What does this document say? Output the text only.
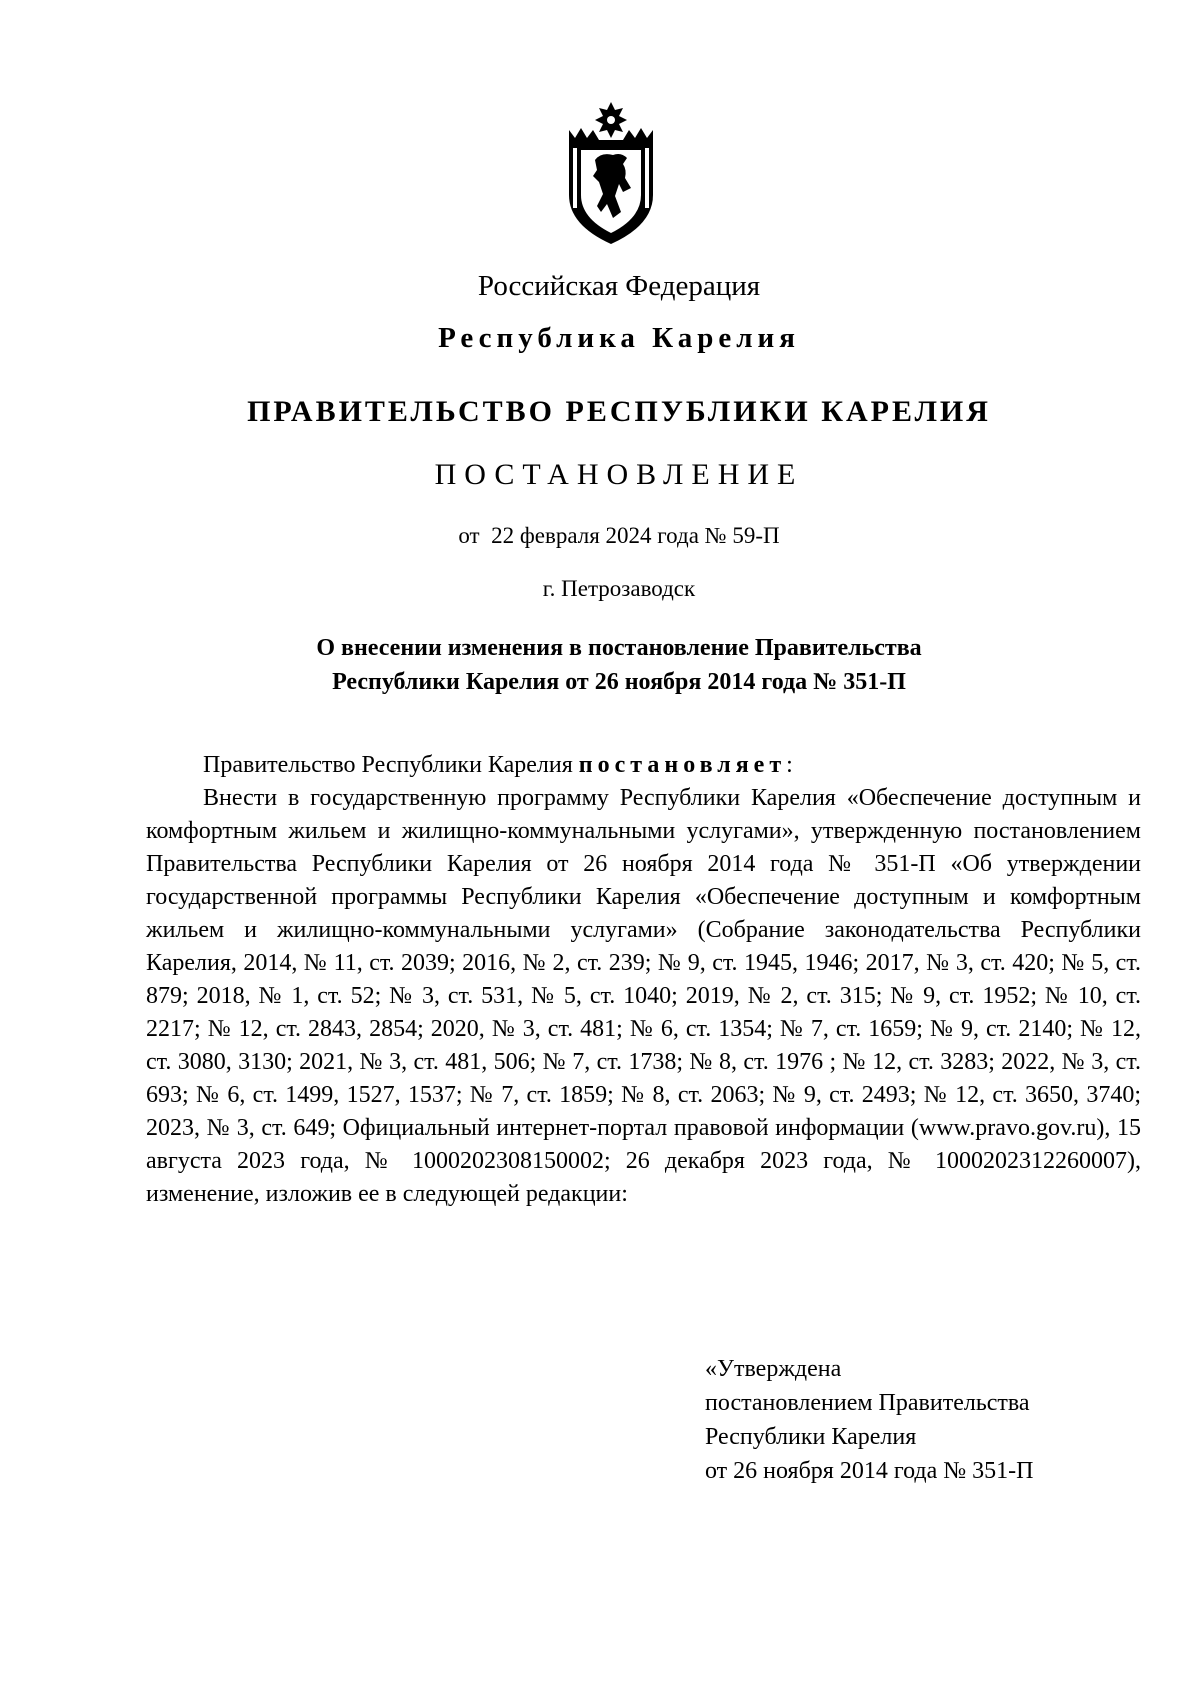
Российская Федерация
Республика Карелия
ПРАВИТЕЛЬСТВО РЕСПУБЛИКИ КАРЕЛИЯ
ПОСТАНОВЛЕНИЕ
от  22 февраля 2024 года № 59-П
г. Петрозаводск
О внесении изменения в постановление Правительства
Республики Карелия от 26 ноября 2014 года № 351-П

Правительство Республики Карелия постановляет:

Внести в государственную программу Республики Карелия «Обеспечение доступным и комфортным жильем и жилищно-коммунальными услугами», утвержденную постановлением Правительства Республики Карелия от 26 ноября 2014 года № 351-П «Об утверждении государственной программы Республики Карелия «Обеспечение доступным и комфортным жильем и жилищно-коммунальными услугами» (Собрание законодательства Республики Карелия, 2014, № 11, ст. 2039; 2016, № 2, ст. 239; № 9, ст. 1945, 1946; 2017, № 3, ст. 420; № 5, ст. 879; 2018, № 1, ст. 52; № 3, ст. 531, № 5, ст. 1040; 2019, № 2, ст. 315; № 9, ст. 1952; № 10, ст. 2217; № 12, ст. 2843, 2854; 2020, № 3, ст. 481; № 6, ст. 1354; № 7, ст. 1659; № 9, ст. 2140; № 12, ст. 3080, 3130; 2021, № 3, ст. 481, 506; № 7, ст. 1738; № 8, ст. 1976 ; № 12, ст. 3283; 2022, № 3, ст. 693; № 6, ст. 1499, 1527, 1537; № 7, ст. 1859; № 8, ст. 2063; № 9, ст. 2493; № 12, ст. 3650, 3740; 2023, № 3, ст. 649; Официальный интернет-портал правовой информации (www.pravo.gov.ru), 15 августа 2023 года, № 1000202308150002; 26 декабря 2023 года, № 1000202312260007), изменение, изложив ее в следующей редакции:

«Утверждена
постановлением Правительства
Республики Карелия
от 26 ноября 2014 года № 351-П
